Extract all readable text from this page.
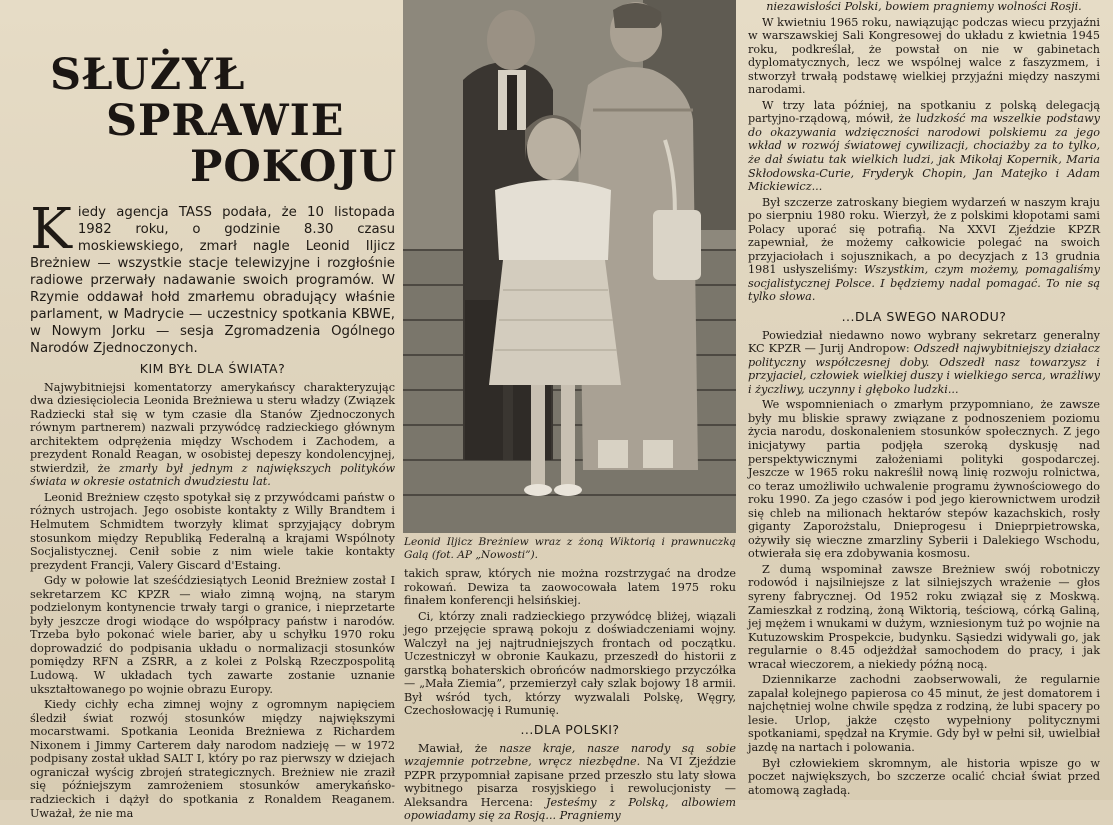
SŁUŻYŁ
SPRAWIE
POKOJU

Kiedy agencja TASS podała, że 10 listopada 1982 roku, o godzinie 8.30 czasu moskiewskiego, zmarł nagle Leonid Iljicz Breżniew — wszystkie stacje telewizyjne i rozgłośnie radiowe przerwały nadawanie swoich programów. W Rzymie oddawał hołd zmarłemu obradujący właśnie parlament, w Madrycie — uczestnicy spotkania KBWE, w Nowym Jorku — sesja Zgromadzenia Ogólnego Narodów Zjednoczonych.

KIM BYŁ DLA ŚWIATA?

Najwybitniejsi komentatorzy amerykańscy charakteryzując dwa dziesięciolecia Leonida Breżniewa u steru władzy (Związek Radziecki stał się w tym czasie dla Stanów Zjednoczonych równym partnerem) nazwali przywódcę radzieckiego głównym architektem odprężenia między Wschodem i Zachodem, a prezydent Ronald Reagan, w osobistej depeszy kondolencyjnej, stwierdził, że zmarły był jednym z największych polityków świata w okresie ostatnich dwudziestu lat.

Leonid Breżniew często spotykał się z przywódcami państw o różnych ustrojach. Jego osobiste kontakty z Willy Brandtem i Helmutem Schmidtem tworzyły klimat sprzyjający dobrym stosunkom między Republiką Federalną a krajami Wspólnoty Socjalistycznej. Cenił sobie z nim wiele takie kontakty prezydent Francji, Valery Giscard d'Estaing.

Gdy w połowie lat sześćdziesiątych Leonid Breżniew został I sekretarzem KC KPZR — wiało zimną wojną, na starym podzielonym kontynencie trwały targi o granice, i nieprzetarte były jeszcze drogi wiodące do współpracy państw i narodów. Trzeba było pokonać wiele barier, aby u schyłku 1970 roku doprowadzić do podpisania układu o normalizacji stosunków pomiędzy RFN a ZSRR, a z kolei z Polską Rzeczpospolitą Ludową. W układach tych zawarte zostanie uznanie ukształtowanego po wojnie obrazu Europy.

Kiedy cichły echa zimnej wojny z ogromnym napięciem śledził świat rozwój stosunków między największymi mocarstwami. Spotkania Leonida Breżniewa z Richardem Nixonem i Jimmy Carterem dały narodom nadzieję — w 1972 podpisany został układ SALT I, który po raz pierwszy w dziejach ograniczał wyścig zbrojeń strategicznych. Breżniew nie zraził się późniejszym zamrożeniem stosunków amerykańsko-radzieckich i dążył do spotkania z Ronaldem Reaganem. Uważał, że nie ma

Leonid Iljicz Breżniew wraz z żoną Wiktorią i prawnuczką Galą (fot. AP „Nowosti”).

takich spraw, których nie można rozstrzygać na drodze rokowań. Dewiza ta zaowocowała latem 1975 roku finałem konferencji helsińskiej.

Ci, którzy znali radzieckiego przywódcę bliżej, wiązali jego przejęcie sprawą pokoju z doświadczeniami wojny. Walczył na jej najtrudniejszych frontach od początku. Uczestniczył w obronie Kaukazu, przeszedł do historii z garstką bohaterskich obrońców nadmorskiego przyczółka — „Mała Ziemia”, przemierzył cały szlak bojowy 18 armii. Był wśród tych, którzy wyzwalali Polskę, Węgry, Czechosłowację i Rumunię.

...DLA POLSKI?

Mawiał, że nasze kraje, nasze narody są sobie wzajemnie potrzebne, wręcz niezbędne. Na VI Zjeździe PZPR przypomniał zapisane przed przeszło stu laty słowa wybitnego pisarza rosyjskiego i rewolucjonisty — Aleksandra Hercena: Jesteśmy z Polską, albowiem opowiadamy się za Rosją... Pragniemy

niezawisłości Polski, bowiem pragniemy wolności Rosji.

W kwietniu 1965 roku, nawiązując podczas wiecu przyjaźni w warszawskiej Sali Kongresowej do układu z kwietnia 1945 roku, podkreślał, że powstał on nie w gabinetach dyplomatycznych, lecz we wspólnej walce z faszyzmem, i stworzył trwałą podstawę wielkiej przyjaźni między naszymi narodami.

W trzy lata później, na spotkaniu z polską delegacją partyjno-rządową, mówił, że ludzkość ma wszelkie podstawy do okazywania wdzięczności narodowi polskiemu za jego wkład w rozwój światowej cywilizacji, chociażby za to tylko, że dał światu tak wielkich ludzi, jak Mikołaj Kopernik, Maria Skłodowska-Curie, Fryderyk Chopin, Jan Matejko i Adam Mickiewicz...

Był szczerze zatroskany biegiem wydarzeń w naszym kraju po sierpniu 1980 roku. Wierzył, że z polskimi kłopotami sami Polacy uporać się potrafią. Na XXVI Zjeździe KPZR zapewniał, że możemy całkowicie polegać na swoich przyjaciołach i sojusznikach, a po decyzjach z 13 grudnia 1981 usłyszeliśmy: Wszystkim, czym możemy, pomagaliśmy socjalistycznej Polsce. I będziemy nadal pomagać. To nie są tylko słowa.

...DLA SWEGO NARODU?

Powiedział niedawno nowo wybrany sekretarz generalny KC KPZR — Jurij Andropow: Odszedł najwybitniejszy działacz polityczny współczesnej doby. Odszedł nasz towarzysz i przyjaciel, człowiek wielkiej duszy i wielkiego serca, wrażliwy i życzliwy, uczynny i głęboko ludzki...

We wspomnieniach o zmarłym przypomniano, że zawsze były mu bliskie sprawy związane z podnoszeniem poziomu życia narodu, doskonaleniem stosunków społecznych. Z jego inicjatywy partia podjęła szeroką dyskusję nad perspektywicznymi założeniami polityki gospodarczej. Jeszcze w 1965 roku nakreślił nową linię rozwoju rolnictwa, co teraz umożliwiło uchwalenie programu żywnościowego do roku 1990. Za jego czasów i pod jego kierownictwem urodził się chleb na milionach hektarów stepów kazachskich, rosły giganty Zaporożstalu, Dnieprogesu i Dnieprpietrowska, ożywiły się wieczne zmarzliny Syberii i Dalekiego Wschodu, otwierała się era zdobywania kosmosu.

Z dumą wspominał zawsze Breżniew swój robotniczy rodowód i najsilniejsze z lat silniejszych wrażenie — głos syreny fabrycznej. Od 1952 roku związał się z Moskwą. Zamieszkał z rodziną, żoną Wiktorią, teściową, córką Galiną, jej mężem i wnukami w dużym, wzniesionym tuż po wojnie na Kutuzowskim Prospekcie, budynku. Sąsiedzi widywali go, jak regularnie o 8.45 odjeżdżał samochodem do pracy, i jak wracał wieczorem, a niekiedy późną nocą.

Dziennikarze zachodni zaobserwowali, że regularnie zapalał kolejnego papierosa co 45 minut, że jest domatorem i najchętniej wolne chwile spędza z rodziną, że lubi spacery po lesie. Urlop, jakże często wypełniony politycznymi spotkaniami, spędzał na Krymie. Gdy był w pełni sił, uwielbiał jazdę na nartach i polowania.

Był człowiekiem skromnym, ale historia wpisze go w poczet największych, bo szczerze ocalić chciał świat przed atomową zagładą.
